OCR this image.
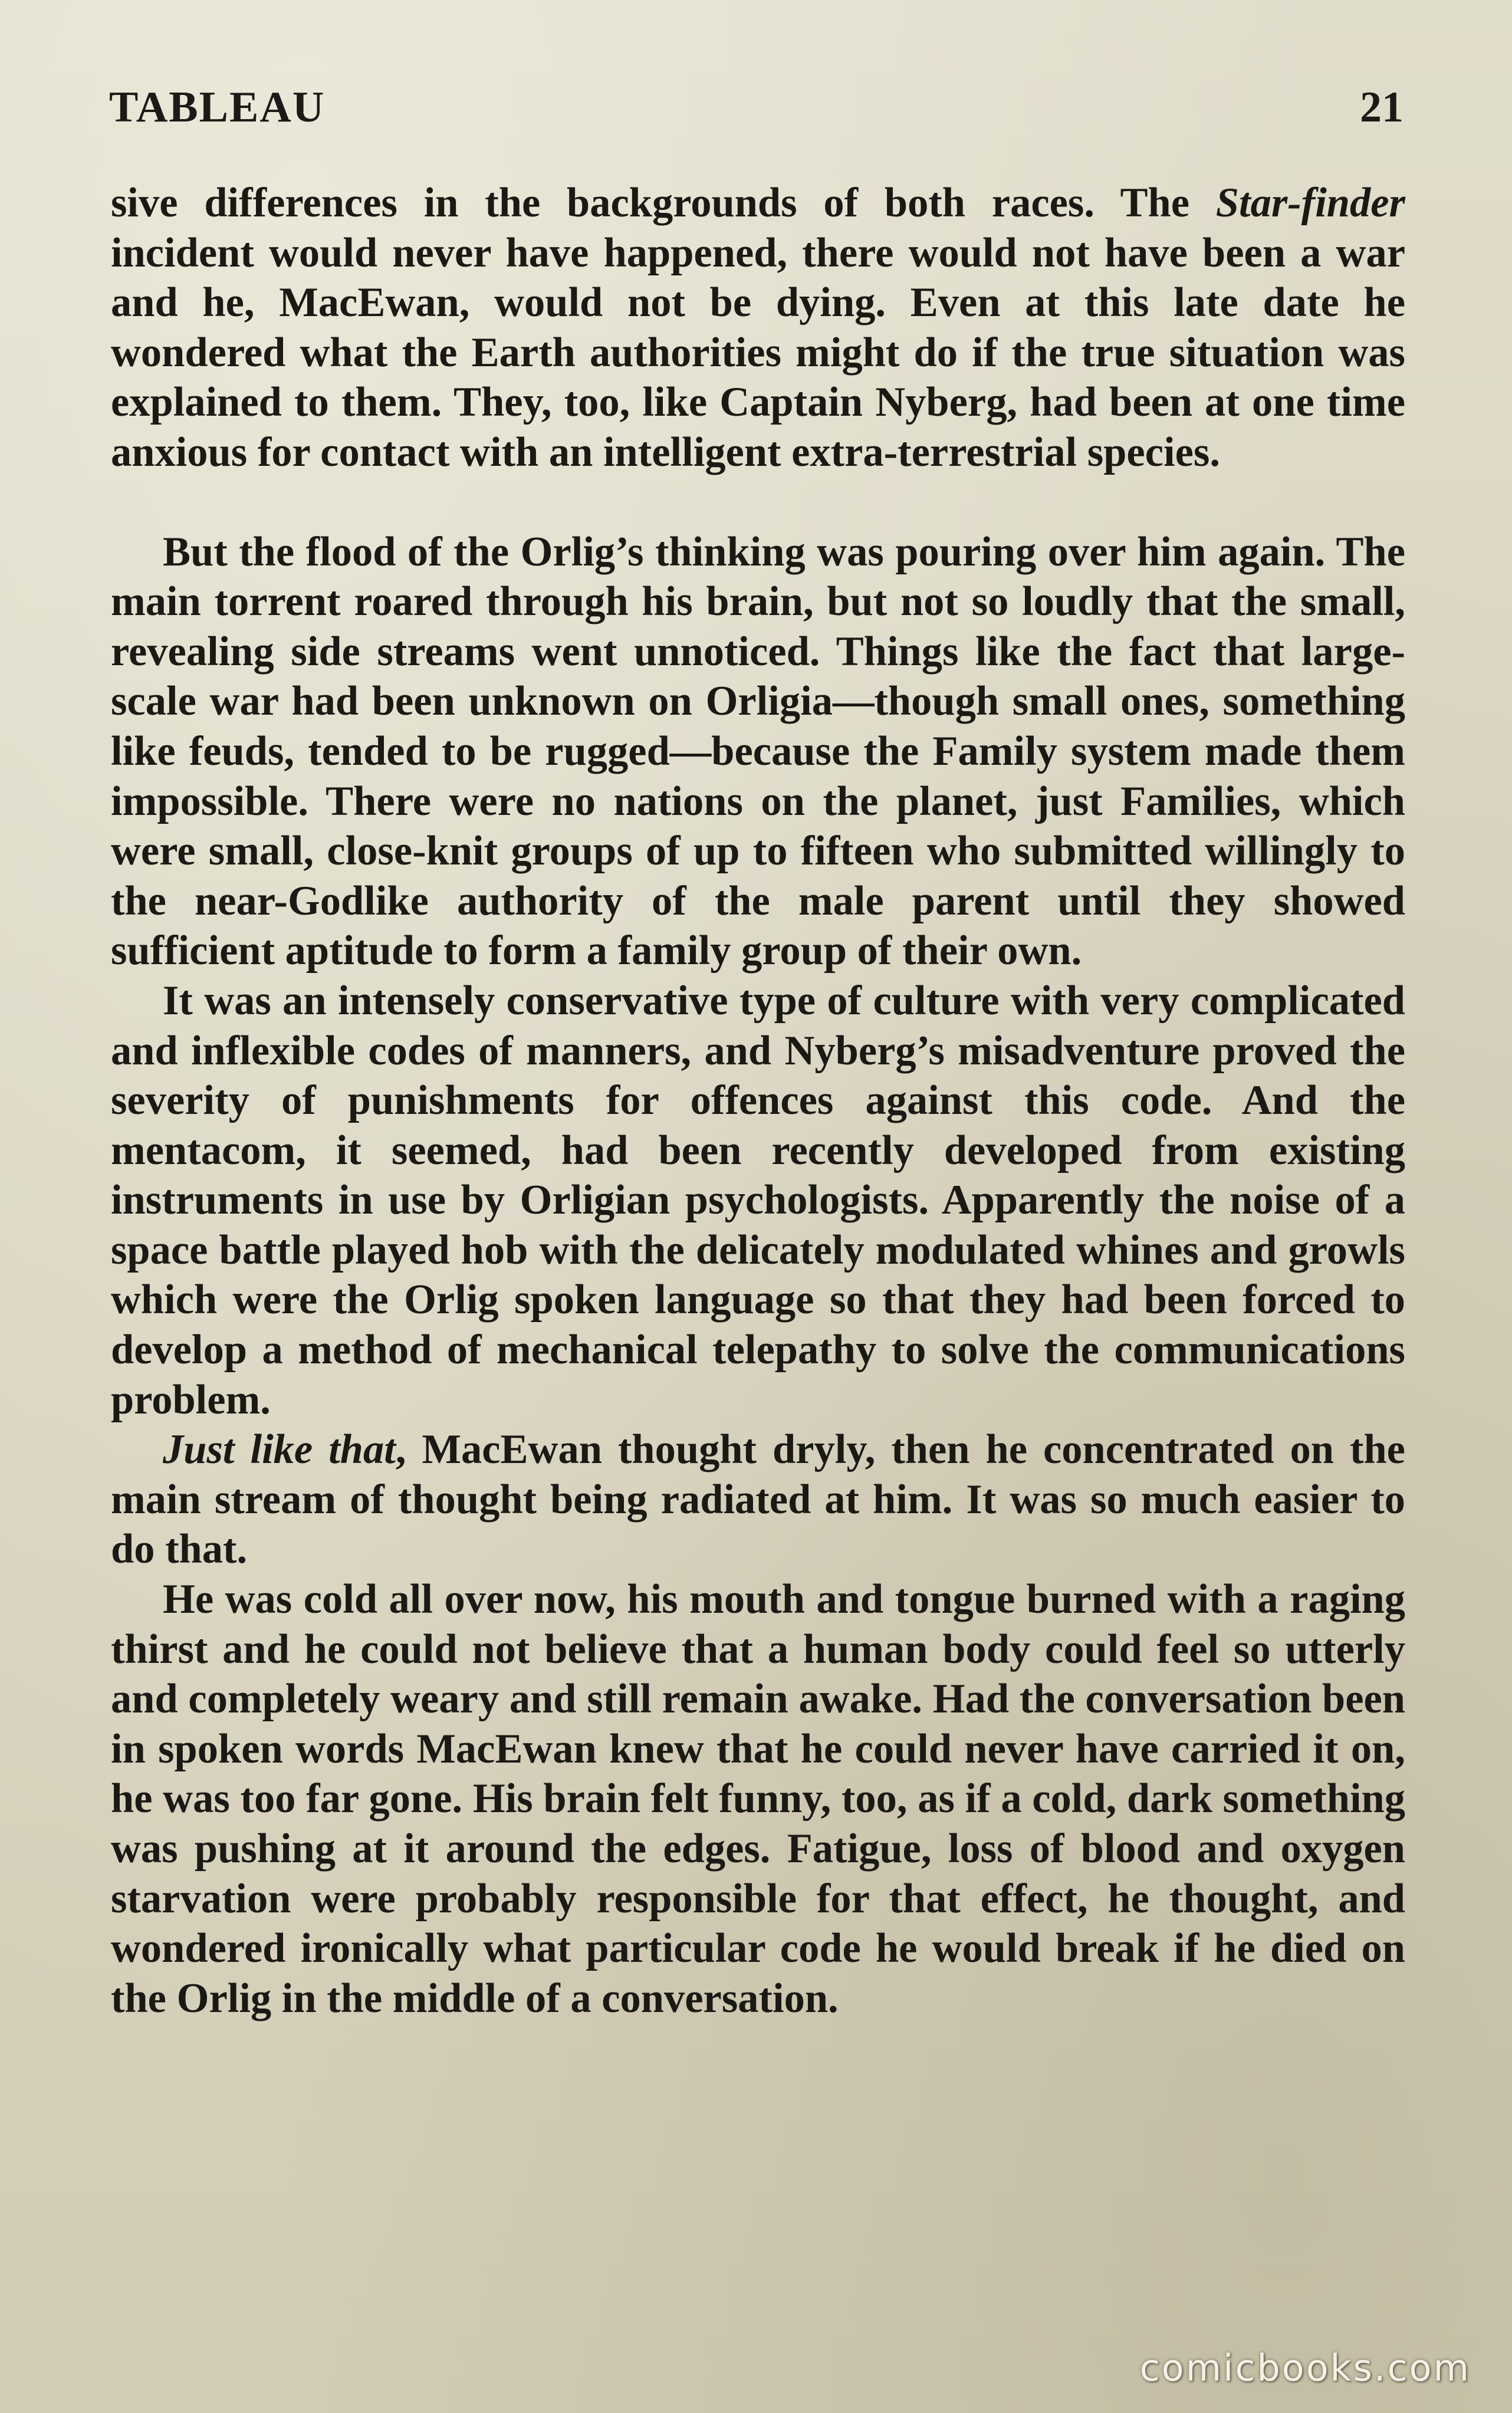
TABLEAU	21

sive differences in the backgrounds of both races. The Star-finder incident would never have happened, there would not have been a war and he, MacEwan, would not be dying. Even at this late date he wondered what the Earth authorities might do if the true situation was explained to them. They, too, like Captain Nyberg, had been at one time anxious for contact with an intelligent extra-terrestrial species.

But the flood of the Orlig’s thinking was pouring over him again. The main torrent roared through his brain, but not so loudly that the small, revealing side streams went unnoticed. Things like the fact that large-scale war had been unknown on Orligia—though small ones, something like feuds, tended to be rugged—because the Family system made them impossible. There were no nations on the planet, just Families, which were small, close-knit groups of up to fifteen who submitted willingly to the near-Godlike authority of the male parent until they showed sufficient aptitude to form a family group of their own.

It was an intensely conservative type of culture with very complicated and inflexible codes of manners, and Nyberg’s misadventure proved the severity of punishments for offences against this code. And the mentacom, it seemed, had been recently developed from existing instruments in use by Orligian psychologists. Apparently the noise of a space battle played hob with the delicately modulated whines and growls which were the Orlig spoken language so that they had been forced to develop a method of mechanical telepathy to solve the communications problem.

Just like that, MacEwan thought dryly, then he concentrated on the main stream of thought being radiated at him. It was so much easier to do that.

He was cold all over now, his mouth and tongue burned with a raging thirst and he could not believe that a human body could feel so utterly and completely weary and still remain awake. Had the conversation been in spoken words MacEwan knew that he could never have carried it on, he was too far gone. His brain felt funny, too, as if a cold, dark something was pushing at it around the edges. Fatigue, loss of blood and oxygen starvation were probably responsible for that effect, he thought, and wondered ironically what particular code he would break if he died on the Orlig in the middle of a conversation.

comicbooks.com
